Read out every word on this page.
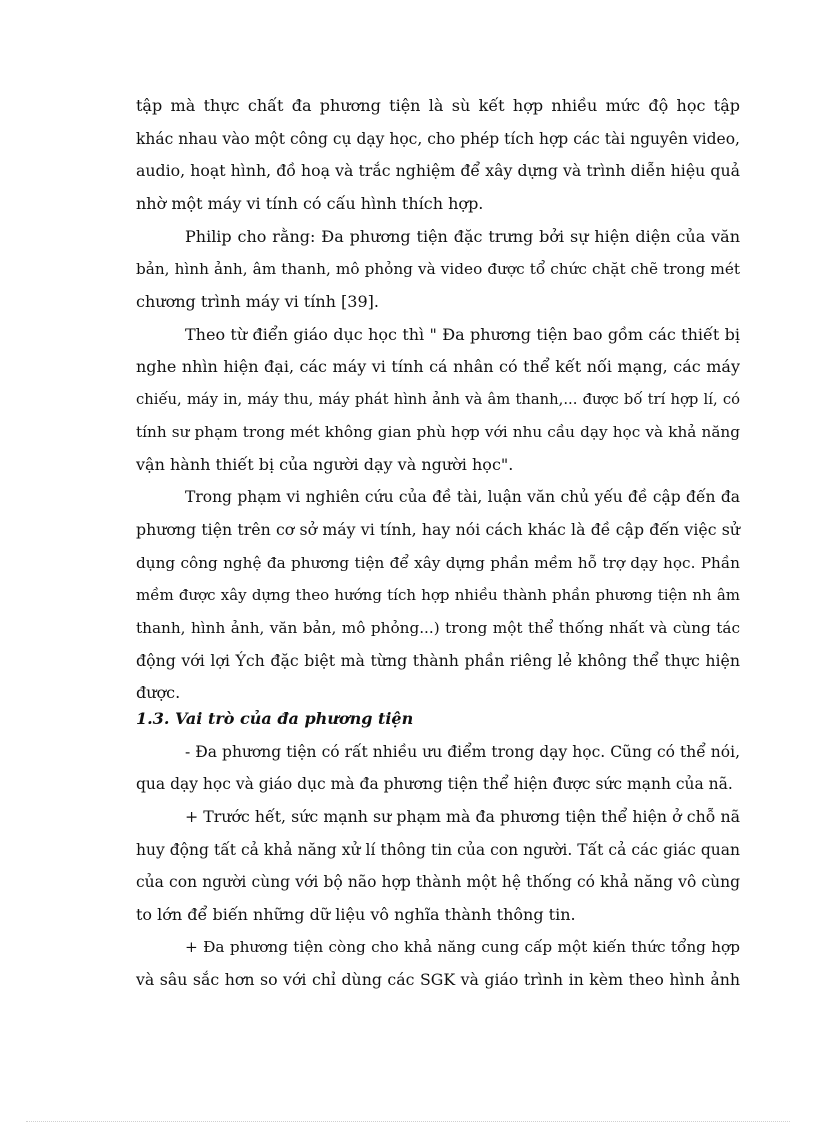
tập mà thực chất đa phương tiện là sù kết hợp nhiều mức độ học tập
khác nhau vào một công cụ dạy học, cho phép tích hợp các tài nguyên video,
audio, hoạt hình, đồ hoạ và trắc nghiệm để xây dựng và trình diễn hiệu quả
nhờ một máy vi tính có cấu hình thích hợp.
Philip cho rằng: Đa phương tiện đặc trưng bởi sự hiện diện của văn
bản, hình ảnh, âm thanh, mô phỏng và video được tổ chức chặt chẽ trong mét
chương trình máy vi tính [39].
Theo từ điển giáo dục học thì " Đa phương tiện bao gồm các thiết bị
nghe nhìn hiện đại, các máy vi tính cá nhân có thể kết nối mạng, các máy
chiếu, máy in, máy thu, máy phát hình ảnh và âm thanh,... được bố trí hợp lí, có
tính sư phạm trong mét không gian phù hợp với nhu cầu dạy học và khả năng
vận hành thiết bị của người dạy và người học".
Trong phạm vi nghiên cứu của đề tài, luận văn chủ yếu đề cập đến đa
phương tiện trên cơ sở máy vi tính, hay nói cách khác là đề cập đến việc sử
dụng công nghệ đa phương tiện để xây dựng phần mềm hỗ trợ dạy học. Phần
mềm được xây dựng theo hướng tích hợp nhiều thành phần phương tiện nh âm
thanh, hình ảnh, văn bản, mô phỏng...) trong một thể thống nhất và cùng tác
động với lợi Ých đặc biệt mà từng thành phần riêng lẻ không thể thực hiện
được.
1.3. Vai trò của đa phương tiện
- Đa phương tiện có rất nhiều ưu điểm trong dạy học. Cũng có thể nói,
qua dạy học và giáo dục mà đa phương tiện thể hiện được sức mạnh của nã.
+ Trước hết, sức mạnh sư phạm mà đa phương tiện thể hiện ở chỗ nã
huy động tất cả khả năng xử lí thông tin của con người. Tất cả các giác quan
của con người cùng với bộ não hợp thành một hệ thống có khả năng vô cùng
to lớn để biến những dữ liệu vô nghĩa thành thông tin.
+ Đa phương tiện còng cho khả năng cung cấp một kiến thức tổng hợp
và sâu sắc hơn so với chỉ dùng các SGK và giáo trình in kèm theo hình ảnh
